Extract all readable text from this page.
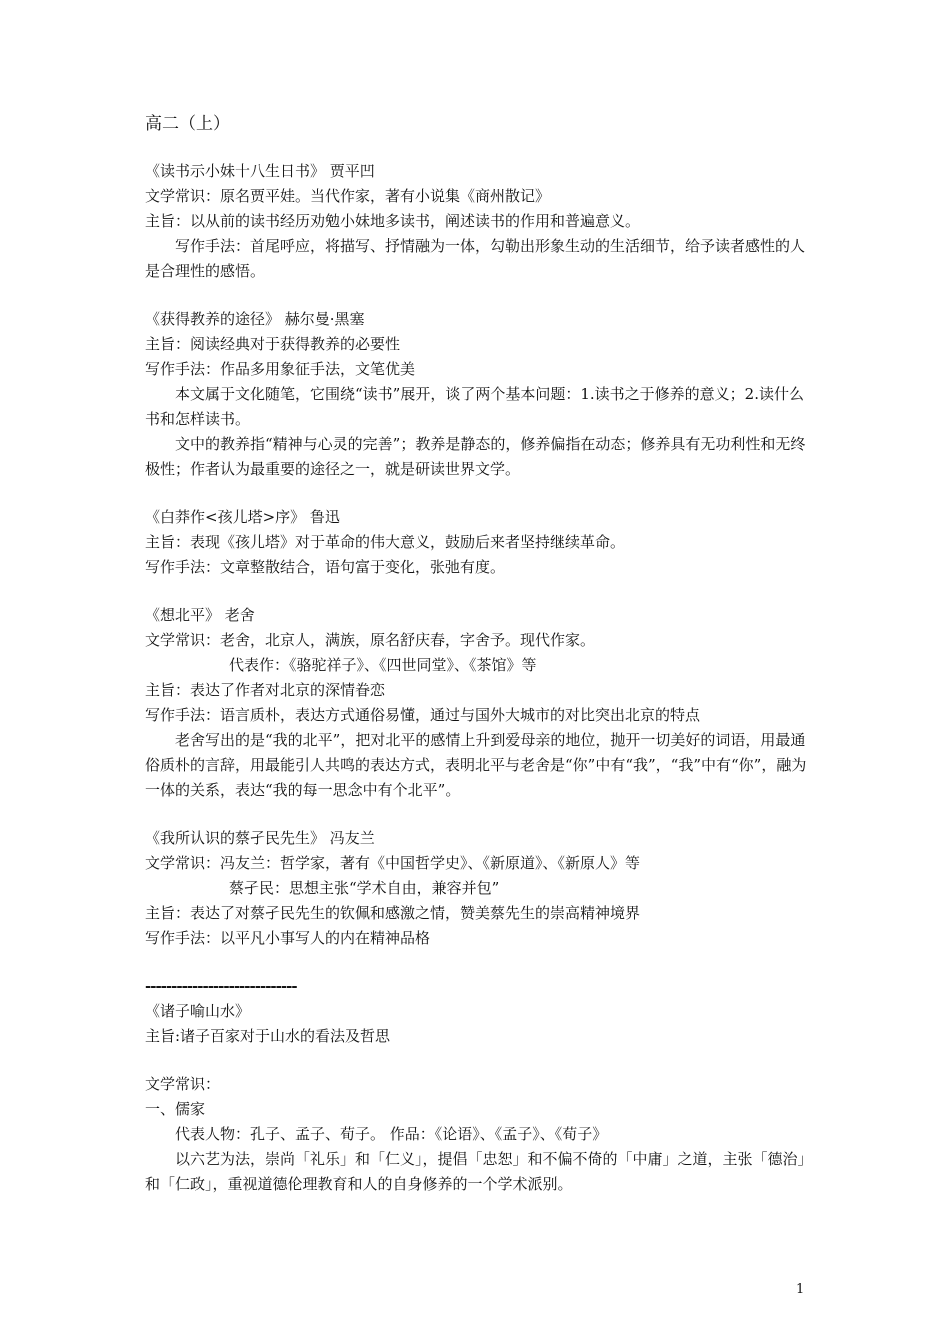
高二（上）
《读书示小妹十八生日书》 贾平凹
文学常识：原名贾平娃。当代作家，著有小说集《商州散记》
主旨：以从前的读书经历劝勉小妹地多读书，阐述读书的作用和普遍意义。
写作手法：首尾呼应，将描写、抒情融为一体，勾勒出形象生动的生活细节，给予读者感性的人是合理性的感悟。
《获得教养的途径》 赫尔曼·黑塞
主旨：阅读经典对于获得教养的必要性
写作手法：作品多用象征手法，文笔优美
本文属于文化随笔，它围绕“读书”展开，谈了两个基本问题：1.读书之于修养的意义；2.读什么书和怎样读书。
文中的教养指“精神与心灵的完善”；教养是静态的，修养偏指在动态；修养具有无功利性和无终极性；作者认为最重要的途径之一，就是研读世界文学。
《白莽作<孩儿塔>序》 鲁迅
主旨：表现《孩儿塔》对于革命的伟大意义，鼓励后来者坚持继续革命。
写作手法：文章整散结合，语句富于变化，张弛有度。
《想北平》 老舍
文学常识：老舍，北京人，满族，原名舒庆春，字舍予。现代作家。
代表作：《骆驼祥子》、《四世同堂》、《茶馆》等
主旨：表达了作者对北京的深情眷恋
写作手法：语言质朴，表达方式通俗易懂，通过与国外大城市的对比突出北京的特点
老舍写出的是“我的北平”，把对北平的感情上升到爱母亲的地位，抛开一切美好的词语，用最通俗质朴的言辞，用最能引人共鸣的表达方式，表明北平与老舍是“你”中有“我”，“我”中有“你”，融为一体的关系，表达“我的每一思念中有个北平”。
《我所认识的蔡孑民先生》 冯友兰
文学常识：冯友兰：哲学家，著有《中国哲学史》、《新原道》、《新原人》等
蔡孑民：思想主张“学术自由，兼容并包”
主旨：表达了对蔡孑民先生的钦佩和感激之情，赞美蔡先生的崇高精神境界
写作手法：以平凡小事写人的内在精神品格
-----------------------------
《诸子喻山水》
主旨:诸子百家对于山水的看法及哲思
文学常识：
一、儒家
代表人物：孔子、孟子、荀子。 作品：《论语》、《孟子》、《荀子》
以六艺为法，崇尚「礼乐」和「仁义」，提倡「忠恕」和不偏不倚的「中庸」之道，主张「德治」和「仁政」，重视道德伦理教育和人的自身修养的一个学术派别。
1
